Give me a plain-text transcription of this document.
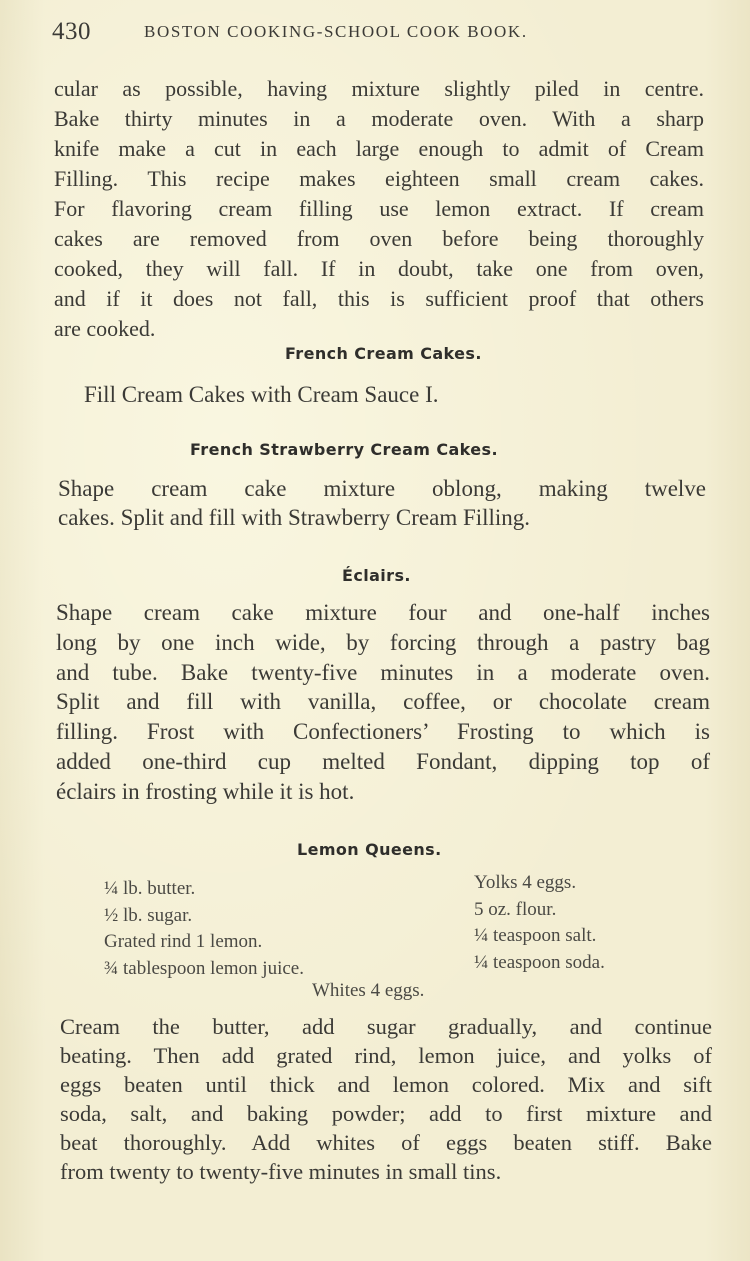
430	BOSTON COOKING-SCHOOL COOK BOOK.
cular as possible, having mixture slightly piled in centre.
Bake thirty minutes in a moderate oven. With a sharp
knife make a cut in each large enough to admit of Cream
Filling. This recipe makes eighteen small cream cakes.
For flavoring cream filling use lemon extract. If cream
cakes are removed from oven before being thoroughly
cooked, they will fall. If in doubt, take one from oven,
and if it does not fall, this is sufficient proof that others
are cooked.
French Cream Cakes.
Fill Cream Cakes with Cream Sauce I.
French Strawberry Cream Cakes.
Shape cream cake mixture oblong, making twelve
cakes. Split and fill with Strawberry Cream Filling.
Éclairs.
Shape cream cake mixture four and one-half inches
long by one inch wide, by forcing through a pastry bag
and tube. Bake twenty-five minutes in a moderate oven.
Split and fill with vanilla, coffee, or chocolate cream
filling. Frost with Confectioners’ Frosting to which is
added one-third cup melted Fondant, dipping top of
éclairs in frosting while it is hot.
Lemon Queens.
¼ lb. butter.
½ lb. sugar.
Grated rind 1 lemon.
¾ tablespoon lemon juice.
Yolks 4 eggs.
5 oz. flour.
¼ teaspoon salt.
¼ teaspoon soda.
Whites 4 eggs.
Cream the butter, add sugar gradually, and continue
beating. Then add grated rind, lemon juice, and yolks of
eggs beaten until thick and lemon colored. Mix and sift
soda, salt, and baking powder; add to first mixture and
beat thoroughly. Add whites of eggs beaten stiff. Bake
from twenty to twenty-five minutes in small tins.
